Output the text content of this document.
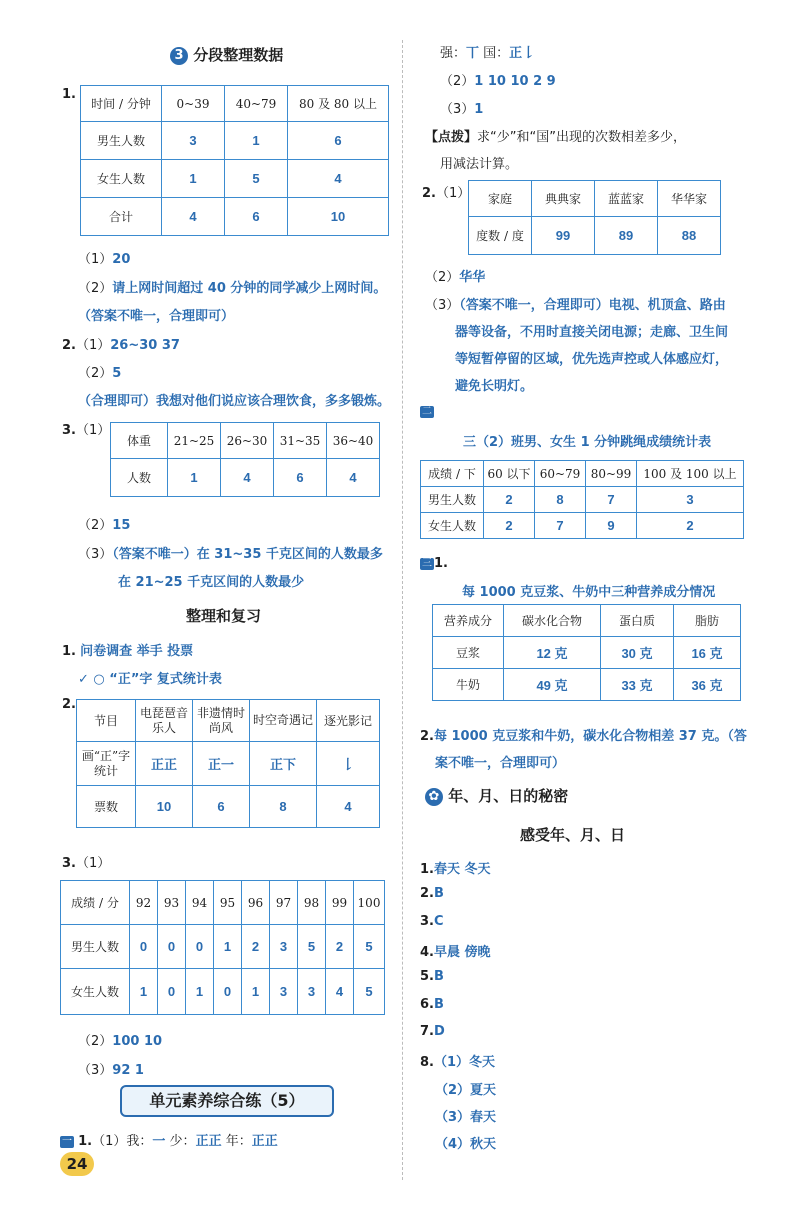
3 分段整理数据
1.
时间 / 分钟	0~39	40~79	80 及 80 以上
男生人数	3	1	6
女生人数	1	5	4
合计	4	6	10
（1）20
（2）请上网时间超过 40 分钟的同学减少上网时间。
（答案不唯一，合理即可）
2.（1）26~30 37
（2）5
（合理即可）我想对他们说应该合理饮食，多多锻炼。
3.（1）
体重	21~25	26~30	31~35	36~40
人数	1	4	6	4
（2）15
（3）（答案不唯一）在 31~35 千克区间的人数最多
在 21~25 千克区间的人数最少
整理和复习
1. 问卷调查 举手 投票
✓ ○ “正”字 复式统计表
2.
节目	电琵琶音乐人	非遗情时尚风	时空奇遇记	逐光影记
画“正”字统计	正正	正一	正下	𠄌
票数	10	6	8	4
3.（1）
成绩 / 分	92	93	94	95	96	97	98	99	100
男生人数	0	0	0	1	2	3	5	2	5
女生人数	1	0	1	0	1	3	3	4	5
（2）100 10
（3）92 1
单元素养综合练（5）
一 1.（1）我：一 少：正正 年：正正
24
强：丅 国：正𠄌
（2）1 10 10 2 9
（3）1
【点拨】求“少”和“国”出现的次数相差多少，
用减法计算。
2.（1） 家庭	典典家	蓝蓝家	华华家
度数 / 度	99	89	88
（2）华华
（3）（答案不唯一，合理即可）电视、机顶盒、路由
器等设备，不用时直接关闭电源；走廊、卫生间
等短暂停留的区域，优先选声控或人体感应灯，
避免长明灯。
二
三（2）班男、女生 1 分钟跳绳成绩统计表
成绩 / 下	60 以下	60~79	80~99	100 及 100 以上
男生人数	2	8	7	3
女生人数	2	7	9	2
三 1.
每 1000 克豆浆、牛奶中三种营养成分情况
营养成分	碳水化合物	蛋白质	脂肪
豆浆	12 克	30 克	16 克
牛奶	49 克	33 克	36 克
2.每 1000 克豆浆和牛奶，碳水化合物相差 37 克。（答
案不唯一，合理即可）
✿ 年、月、日的秘密
感受年、月、日
1.春天 冬天
2.B
3.C
4.早晨 傍晚
5.B
6.B
7.D
8.（1）冬天
（2）夏天
（3）春天
（4）秋天
